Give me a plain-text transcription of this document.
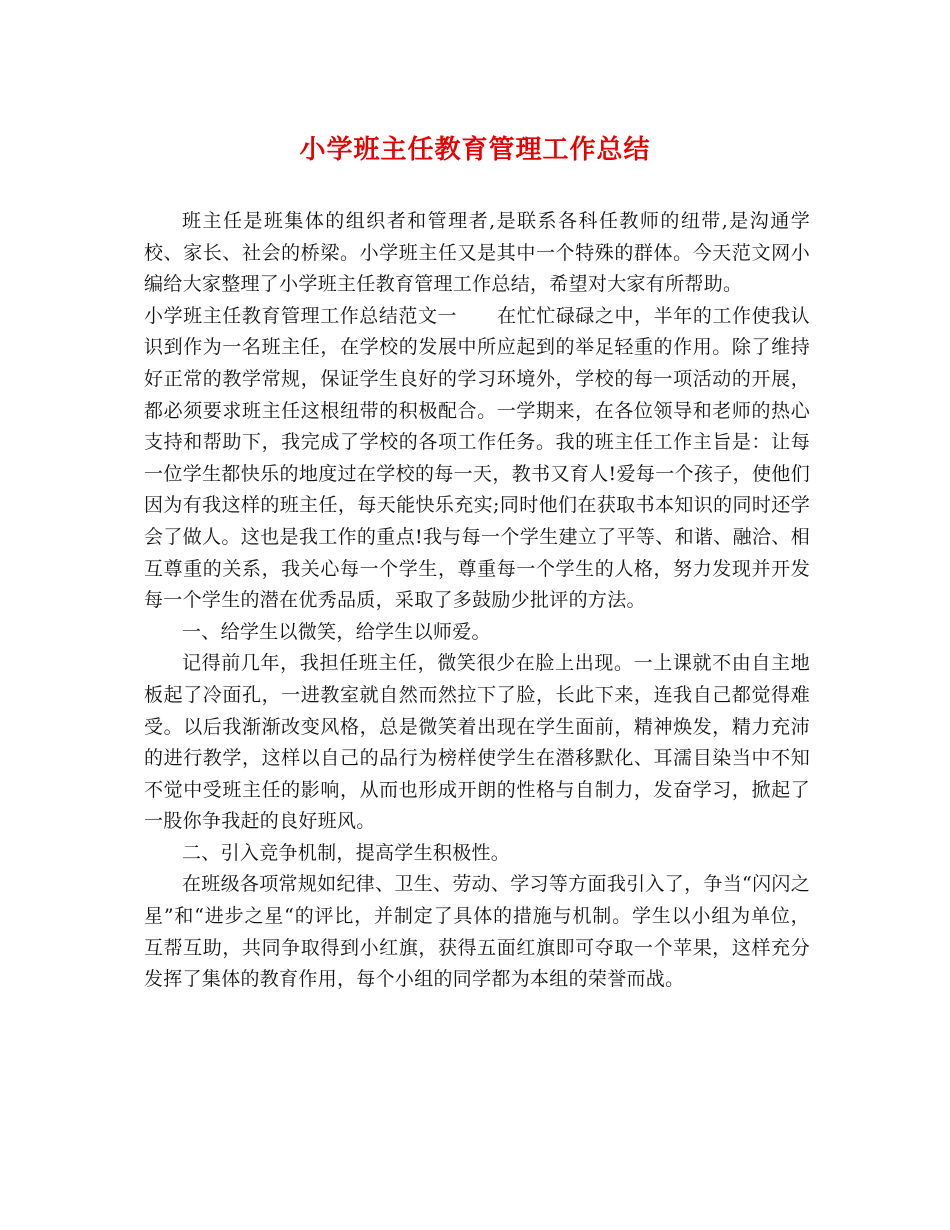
小学班主任教育管理工作总结

班主任是班集体的组织者和管理者,是联系各科任教师的纽带,是沟通学校、家长、社会的桥梁。小学班主任又是其中一个特殊的群体。今天范文网小编给大家整理了小学班主任教育管理工作总结，希望对大家有所帮助。

小学班主任教育管理工作总结范文一 在忙忙碌碌之中，半年的工作使我认识到作为一名班主任，在学校的发展中所应起到的举足轻重的作用。除了维持好正常的教学常规，保证学生良好的学习环境外，学校的每一项活动的开展，都必须要求班主任这根纽带的积极配合。一学期来，在各位领导和老师的热心支持和帮助下，我完成了学校的各项工作任务。我的班主任工作主旨是：让每一位学生都快乐的地度过在学校的每一天，教书又育人!爱每一个孩子，使他们因为有我这样的班主任，每天能快乐充实;同时他们在获取书本知识的同时还学会了做人。这也是我工作的重点!我与每一个学生建立了平等、和谐、融洽、相互尊重的关系，我关心每一个学生，尊重每一个学生的人格，努力发现并开发每一个学生的潜在优秀品质，采取了多鼓励少批评的方法。

一、给学生以微笑，给学生以师爱。

记得前几年，我担任班主任，微笑很少在脸上出现。一上课就不由自主地板起了冷面孔，一进教室就自然而然拉下了脸，长此下来，连我自己都觉得难受。以后我渐渐改变风格，总是微笑着出现在学生面前，精神焕发，精力充沛的进行教学，这样以自己的品行为榜样使学生在潜移默化、耳濡目染当中不知不觉中受班主任的影响，从而也形成开朗的性格与自制力，发奋学习，掀起了一股你争我赶的良好班风。

二、引入竞争机制，提高学生积极性。

在班级各项常规如纪律、卫生、劳动、学习等方面我引入了，争当“闪闪之星”和“进步之星“的评比，并制定了具体的措施与机制。学生以小组为单位，互帮互助，共同争取得到小红旗，获得五面红旗即可夺取一个苹果，这样充分发挥了集体的教育作用，每个小组的同学都为本组的荣誉而战。
